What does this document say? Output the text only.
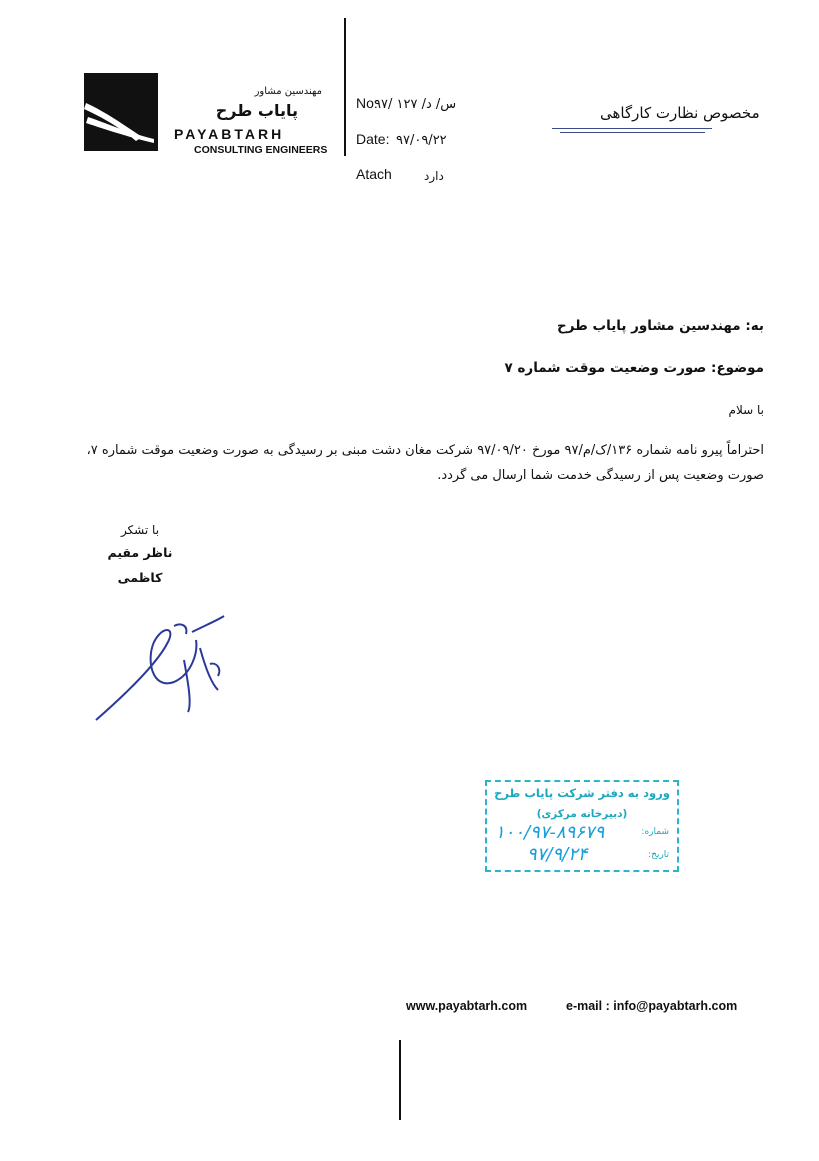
مهندسین مشاور
پایاب طرح
PAYABTARH
CONSULTING ENGINEERS
No:
۹۷/ س/ د/ ۱۲۷
Date: ۹۷/۰۹/۲۲
Atach	دارد
مخصوص نظارت کارگاهی
به: مهندسین مشاور پایاب طرح
موضوع: صورت وضعیت موقت شماره ۷
با سلام
احتراماً پیرو نامه شماره ۱۳۶/ک/م/۹۷ مورخ ۹۷/۰۹/۲۰ شرکت مغان دشت مبنی بر رسیدگی به صورت وضعیت موقت شماره ۷، صورت وضعیت پس از رسیدگی خدمت شما ارسال می گردد.
با تشکر
ناظر مقیم
کاظمی
ورود به دفتر شرکت پایاب طرح
(دبیرخانه مرکزی)
شماره:
۱۰۰/۹۷-۸۹۶۷۹
تاریخ:
۹۷/۹/۲۴
www.payabtarh.com	e-mail : info@payabtarh.com
